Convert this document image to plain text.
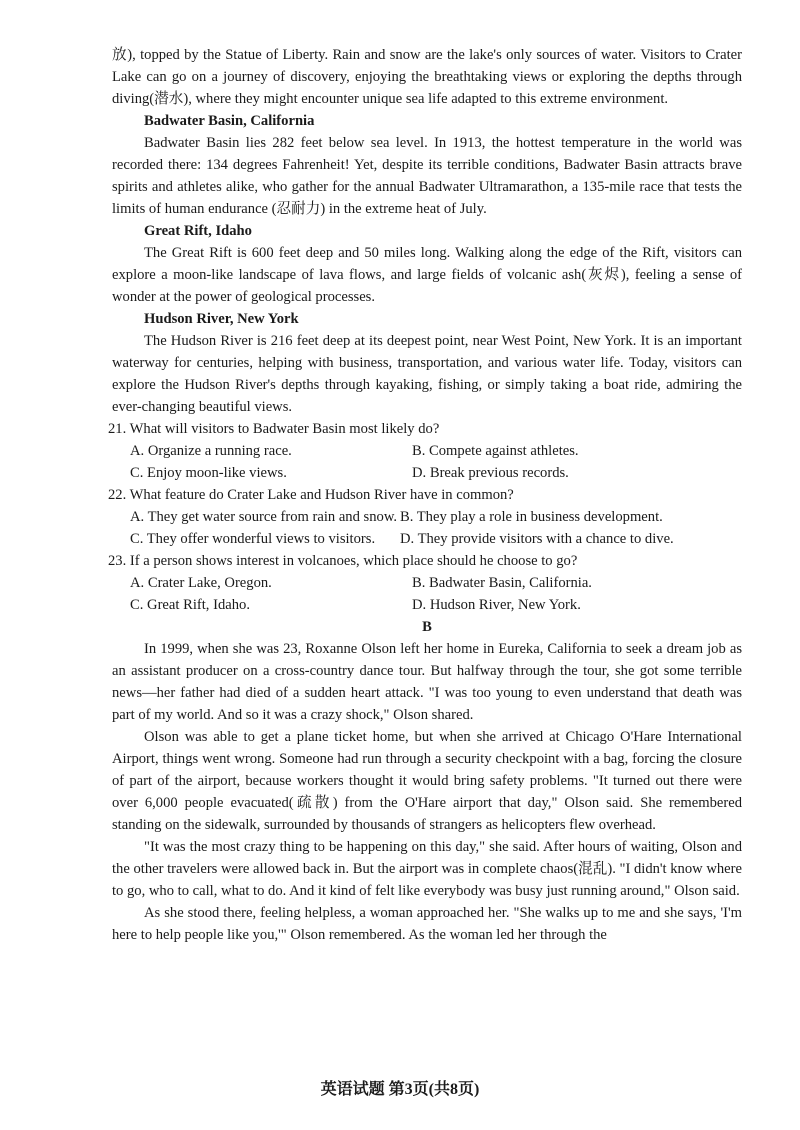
放), topped by the Statue of Liberty. Rain and snow are the lake's only sources of water. Visitors to Crater Lake can go on a journey of discovery, enjoying the breathtaking views or exploring the depths through diving(潜水), where they might encounter unique sea life adapted to this extreme environment.

Badwater Basin, California

Badwater Basin lies 282 feet below sea level. In 1913, the hottest temperature in the world was recorded there: 134 degrees Fahrenheit! Yet, despite its terrible conditions, Badwater Basin attracts brave spirits and athletes alike, who gather for the annual Badwater Ultramarathon, a 135-mile race that tests the limits of human endurance (忍耐力) in the extreme heat of July.

Great Rift, Idaho

The Great Rift is 600 feet deep and 50 miles long. Walking along the edge of the Rift, visitors can explore a moon-like landscape of lava flows, and large fields of volcanic ash(灰烬), feeling a sense of wonder at the power of geological processes.

Hudson River, New York

The Hudson River is 216 feet deep at its deepest point, near West Point, New York. It is an important waterway for centuries, helping with business, transportation, and various water life. Today, visitors can explore the Hudson River's depths through kayaking, fishing, or simply taking a boat ride, admiring the ever-changing beautiful views.

21. What will visitors to Badwater Basin most likely do?

A. Organize a running race.	B. Compete against athletes.
C. Enjoy moon-like views.	D. Break previous records.

22. What feature do Crater Lake and Hudson River have in common?

A. They get water source from rain and snow. B. They play a role in business development.
C. They offer wonderful views to visitors.	D. They provide visitors with a chance to dive.

23. If a person shows interest in volcanoes, which place should he choose to go?

A. Crater Lake, Oregon.	B. Badwater Basin, California.
C. Great Rift, Idaho.	D. Hudson River, New York.

B

In 1999, when she was 23, Roxanne Olson left her home in Eureka, California to seek a dream job as an assistant producer on a cross-country dance tour. But halfway through the tour, she got some terrible news—her father had died of a sudden heart attack. "I was too young to even understand that death was part of my world. And so it was a crazy shock," Olson shared.

Olson was able to get a plane ticket home, but when she arrived at Chicago O'Hare International Airport, things went wrong. Someone had run through a security checkpoint with a bag, forcing the closure of part of the airport, because workers thought it would bring safety problems. "It turned out there were over 6,000 people evacuated(疏散) from the O'Hare airport that day," Olson said. She remembered standing on the sidewalk, surrounded by thousands of strangers as helicopters flew overhead.

"It was the most crazy thing to be happening on this day," she said. After hours of waiting, Olson and the other travelers were allowed back in. But the airport was in complete chaos(混乱). "I didn't know where to go, who to call, what to do. And it kind of felt like everybody was busy just running around," Olson said.

As she stood there, feeling helpless, a woman approached her. "She walks up to me and she says, 'I'm here to help people like you,'" Olson remembered. As the woman led her through the

英语试题 第3页(共8页)
